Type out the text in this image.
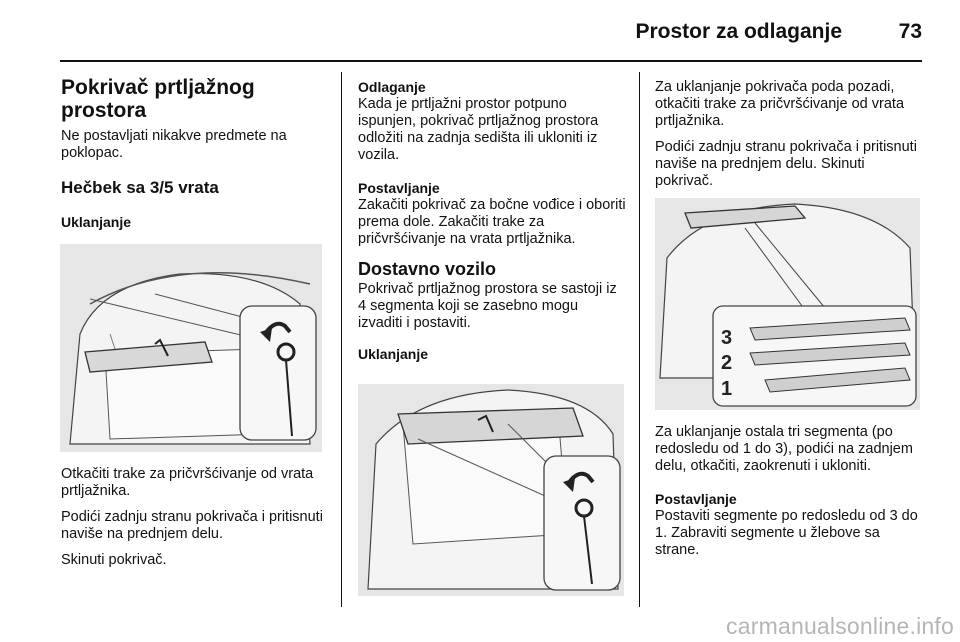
Prostor za odlaganje	73
Pokrivač prtljažnog prostora

Ne postavljati nikakve predmete na poklopac.

Hečbek sa 3/5 vrata
Uklanjanje

Otkačiti trake za pričvršćivanje od vrata prtljažnika.

Podići zadnju stranu pokrivača i pritisnuti naviše na prednjem delu.

Skinuti pokrivač.

Odlaganje

Kada je prtljažni prostor potpuno ispunjen, pokrivač prtljažnog prostora odložiti na zadnja sedišta ili ukloniti iz vozila.

Postavljanje

Zakačiti pokrivač za bočne vođice i oboriti prema dole. Zakačiti trake za pričvršćivanje na vrata prtljažnika.

Dostavno vozilo

Pokrivač prtljažnog prostora se sastoji iz 4 segmenta koji se zasebno mogu izvaditi i postaviti.

Uklanjanje

Za uklanjanje pokrivača poda pozadi, otkačiti trake za pričvršćivanje od vrata prtljažnika.

Podići zadnju stranu pokrivača i pritisnuti naviše na prednjem delu. Skinuti pokrivač.

3
2
1

Za uklanjanje ostala tri segmenta (po redosledu od 1 do 3), podići na zadnjem delu, otkačiti, zaokrenuti i ukloniti.

Postavljanje

Postaviti segmente po redosledu od 3 do 1. Zabraviti segmente u žlebove sa strane.

carmanualsonline.info
